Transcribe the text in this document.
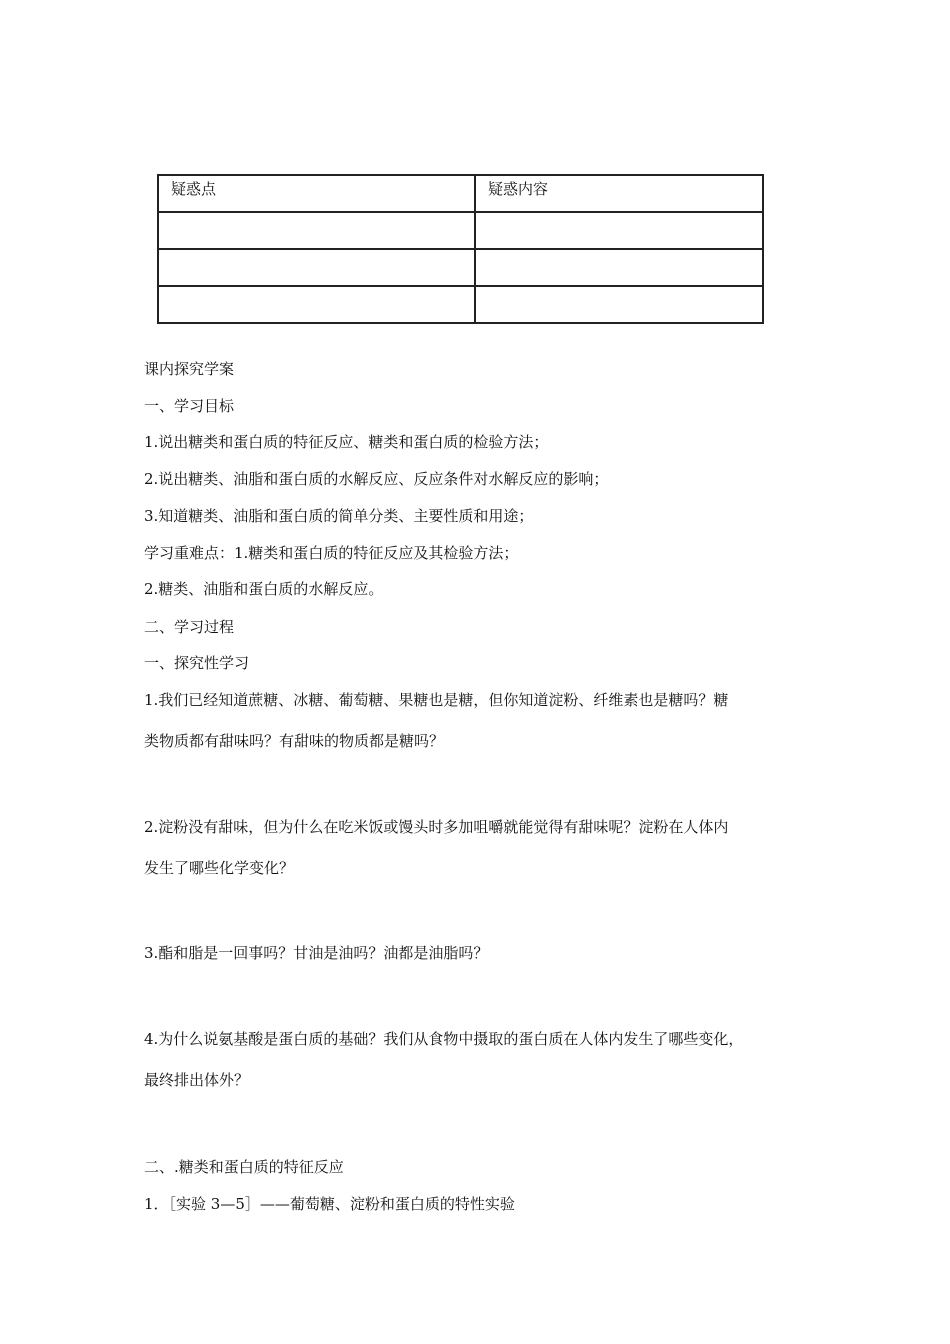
疑惑点	疑惑内容

课内探究学案
一、学习目标
1.说出糖类和蛋白质的特征反应、糖类和蛋白质的检验方法；
2.说出糖类、油脂和蛋白质的水解反应、反应条件对水解反应的影响；
3.知道糖类、油脂和蛋白质的简单分类、主要性质和用途；
学习重难点：1.糖类和蛋白质的特征反应及其检验方法；
2.糖类、油脂和蛋白质的水解反应。
二、学习过程
一、探究性学习
1.我们已经知道蔗糖、冰糖、葡萄糖、果糖也是糖，但你知道淀粉、纤维素也是糖吗？糖
类物质都有甜味吗？有甜味的物质都是糖吗？
2.淀粉没有甜味，但为什么在吃米饭或馒头时多加咀嚼就能觉得有甜味呢？淀粉在人体内
发生了哪些化学变化？
3.酯和脂是一回事吗？甘油是油吗？油都是油脂吗？
4.为什么说氨基酸是蛋白质的基础？我们从食物中摄取的蛋白质在人体内发生了哪些变化，
最终排出体外？
二、.糖类和蛋白质的特征反应
1．［实验 3—5］——葡萄糖、淀粉和蛋白质的特性实验
